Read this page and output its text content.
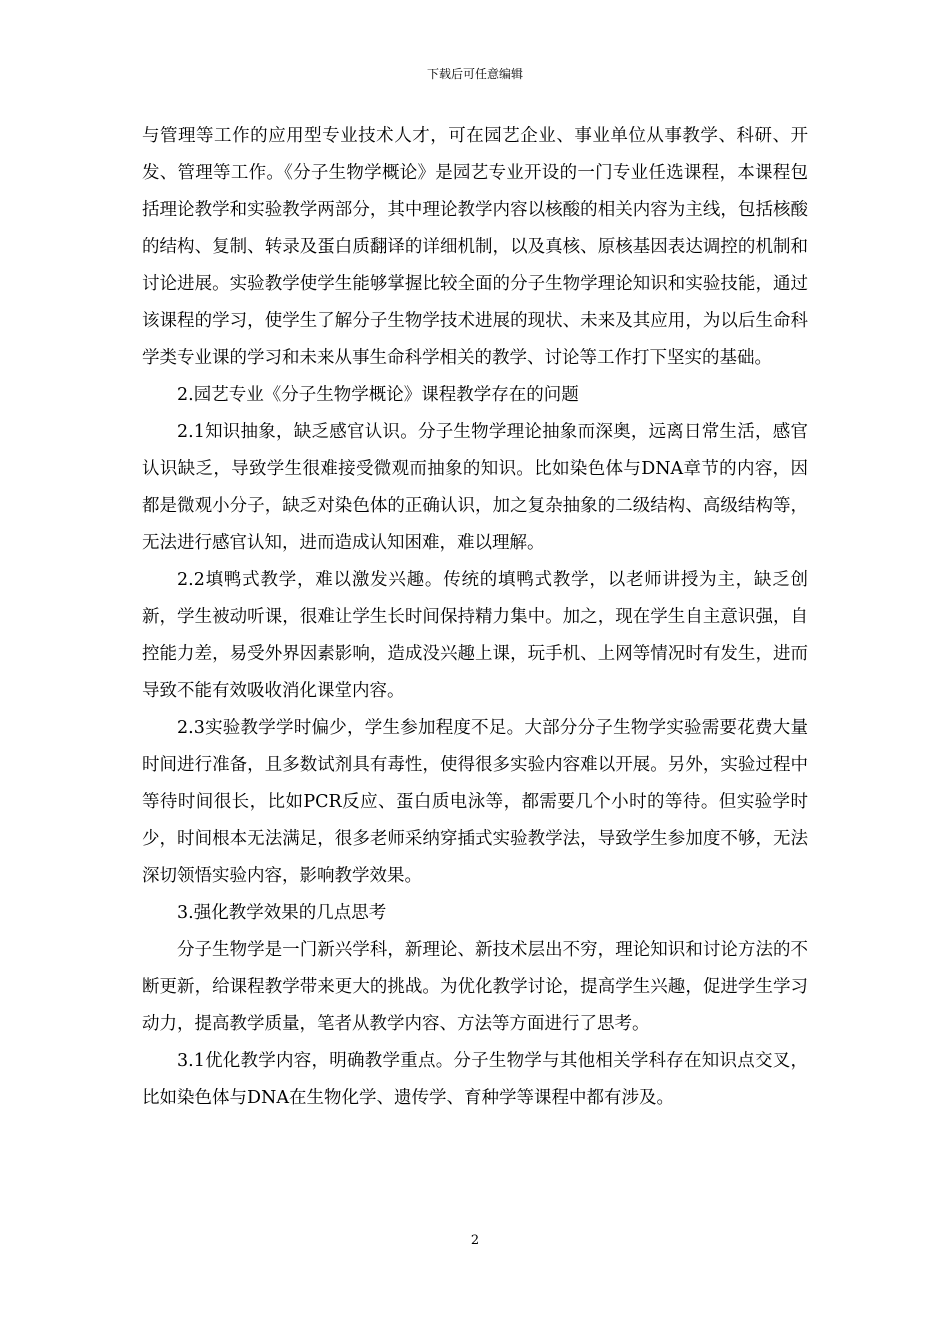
下载后可任意编辑

与管理等工作的应用型专业技术人才，可在园艺企业、事业单位从事教学、科研、开发、管理等工作。《分子生物学概论》是园艺专业开设的一门专业任选课程，本课程包括理论教学和实验教学两部分，其中理论教学内容以核酸的相关内容为主线，包括核酸的结构、复制、转录及蛋白质翻译的详细机制，以及真核、原核基因表达调控的机制和讨论进展。实验教学使学生能够掌握比较全面的分子生物学理论知识和实验技能，通过该课程的学习，使学生了解分子生物学技术进展的现状、未来及其应用，为以后生命科学类专业课的学习和未来从事生命科学相关的教学、讨论等工作打下坚实的基础。

2.园艺专业《分子生物学概论》课程教学存在的问题

2.1知识抽象，缺乏感官认识。分子生物学理论抽象而深奥，远离日常生活，感官认识缺乏，导致学生很难接受微观而抽象的知识。比如染色体与DNA章节的内容，因都是微观小分子，缺乏对染色体的正确认识，加之复杂抽象的二级结构、高级结构等，无法进行感官认知，进而造成认知困难，难以理解。

2.2填鸭式教学，难以激发兴趣。传统的填鸭式教学，以老师讲授为主，缺乏创新，学生被动听课，很难让学生长时间保持精力集中。加之，现在学生自主意识强，自控能力差，易受外界因素影响，造成没兴趣上课，玩手机、上网等情况时有发生，进而导致不能有效吸收消化课堂内容。

2.3实验教学学时偏少，学生参加程度不足。大部分分子生物学实验需要花费大量时间进行准备，且多数试剂具有毒性，使得很多实验内容难以开展。另外，实验过程中等待时间很长，比如PCR反应、蛋白质电泳等，都需要几个小时的等待。但实验学时少，时间根本无法满足，很多老师采纳穿插式实验教学法，导致学生参加度不够，无法深切领悟实验内容，影响教学效果。

3.强化教学效果的几点思考

分子生物学是一门新兴学科，新理论、新技术层出不穷，理论知识和讨论方法的不断更新，给课程教学带来更大的挑战。为优化教学讨论，提高学生兴趣，促进学生学习动力，提高教学质量，笔者从教学内容、方法等方面进行了思考。

3.1优化教学内容，明确教学重点。分子生物学与其他相关学科存在知识点交叉，比如染色体与DNA在生物化学、遗传学、育种学等课程中都有涉及。

2
